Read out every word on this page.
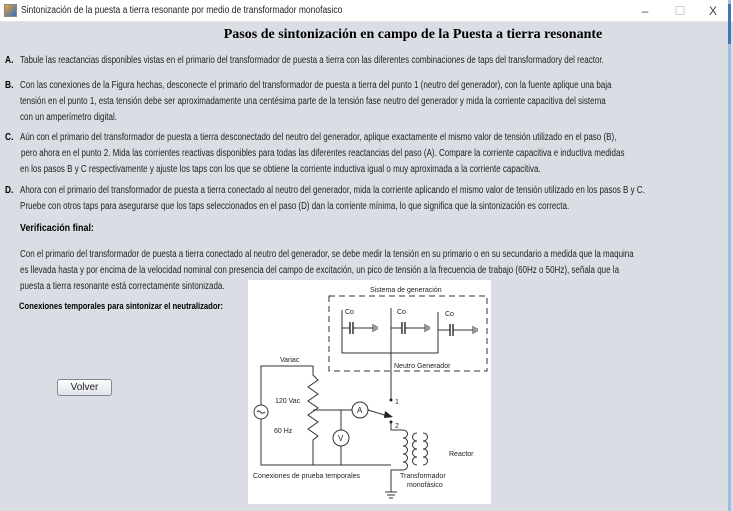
Sintonización de la puesta a tierra resonante por medio de transformador monofasico	–	☐	X
Pasos de sintonización en campo de la Puesta a tierra resonante
A. Tabule las reactancias disponibles vistas en el primario del transformador de puesta a tierra con las diferentes combinaciones de taps del transformadory del reactor.
B. Con las conexiones de la Figura hechas, desconecte el primario del transformador de puesta a tierra del punto 1 (neutro del generador), con la fuente aplique una baja
tensión en el punto 1, esta tensión debe ser aproximadamente una centésima parte de la tensión fase neutro del generador y mida la corriente capacitiva del sistema
con un amperímetro digital.
C. Aún con el primario del transformador de puesta a tierra desconectado del neutro del generador, aplique exactamente el mismo valor de tensión utilizado en el paso (B),
pero ahora en el punto 2. Mida las corrientes reactivas disponibles para todas las diferentes reactancias del paso (A). Compare la corriente capacitiva e inductiva medidas
en los pasos B y C respectivamente y ajuste los taps con los que se obtiene la corriente inductiva igual o muy aproximada a la corriente capacitiva.
D. Ahora con el primario del transformador de puesta a tierra conectado al neutro del generador, mida la corriente aplicando el mismo valor de tensión utilizado en los pasos B y C.
Pruebe con otros taps para asegurarse que los taps seleccionados en el paso (D) dan la corriente mínima, lo que significa que la sintonización es correcta.
Verificación final:
Con el primario del transformador de puesta a tierra conectado al neutro del generador, se debe medir la tensión en su primario o en su secundario a medida que la maquina
es llevada hasta y por encima de la velocidad nominal con presencia del campo de excitación, un pico de tensión a la frecuencia de trabajo (60Hz o 50Hz), señala que la
puesta a tierra resonante está correctamente sintonizada.
Conexiones temporales para sintonizar el neutralizador:
Volver
Sistema de generación
Co	Co	Co
Neutro Generador
Variac
120 Vac
60 Hz
A
V
1
2
Reactor
Conexiones de prueba temporales	Transformador
monofásico
